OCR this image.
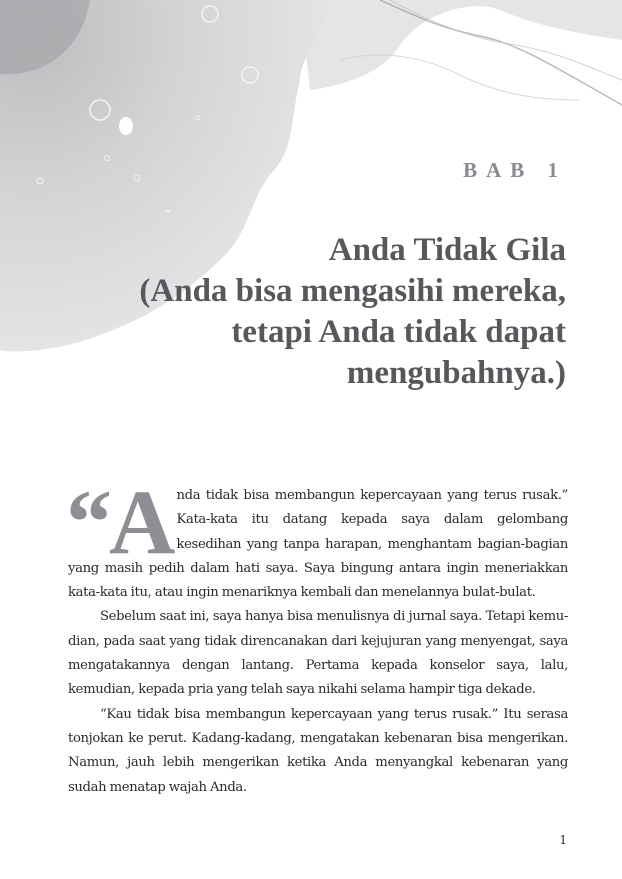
BAB 1
Anda Tidak Gila
(Anda bisa mengasihi mereka,
tetapi Anda tidak dapat
mengubahnya.)

“Anda tidak bisa membangun kepercayaan yang terus rusak.” Kata-kata itu datang kepada saya dalam gelombang kesedihan yang tanpa harapan, menghantam bagian-bagian yang masih pedih dalam hati saya. Saya bingung antara ingin meneriakkan kata-kata itu, atau ingin menariknya kembali dan menelannya bulat-bulat.

Sebelum saat ini, saya hanya bisa menulisnya di jurnal saya. Tetapi kemu-dian, pada saat yang tidak direncanakan dari kejujuran yang menyengat, saya mengatakannya dengan lantang. Pertama kepada konselor saya, lalu, kemudian, kepada pria yang telah saya nikahi selama hampir tiga dekade.

“Kau tidak bisa membangun kepercayaan yang terus rusak.” Itu serasa tonjokan ke perut. Kadang-kadang, mengatakan kebenaran bisa mengerikan. Namun, jauh lebih mengerikan ketika Anda menyangkal kebenaran yang sudah menatap wajah Anda.

1
